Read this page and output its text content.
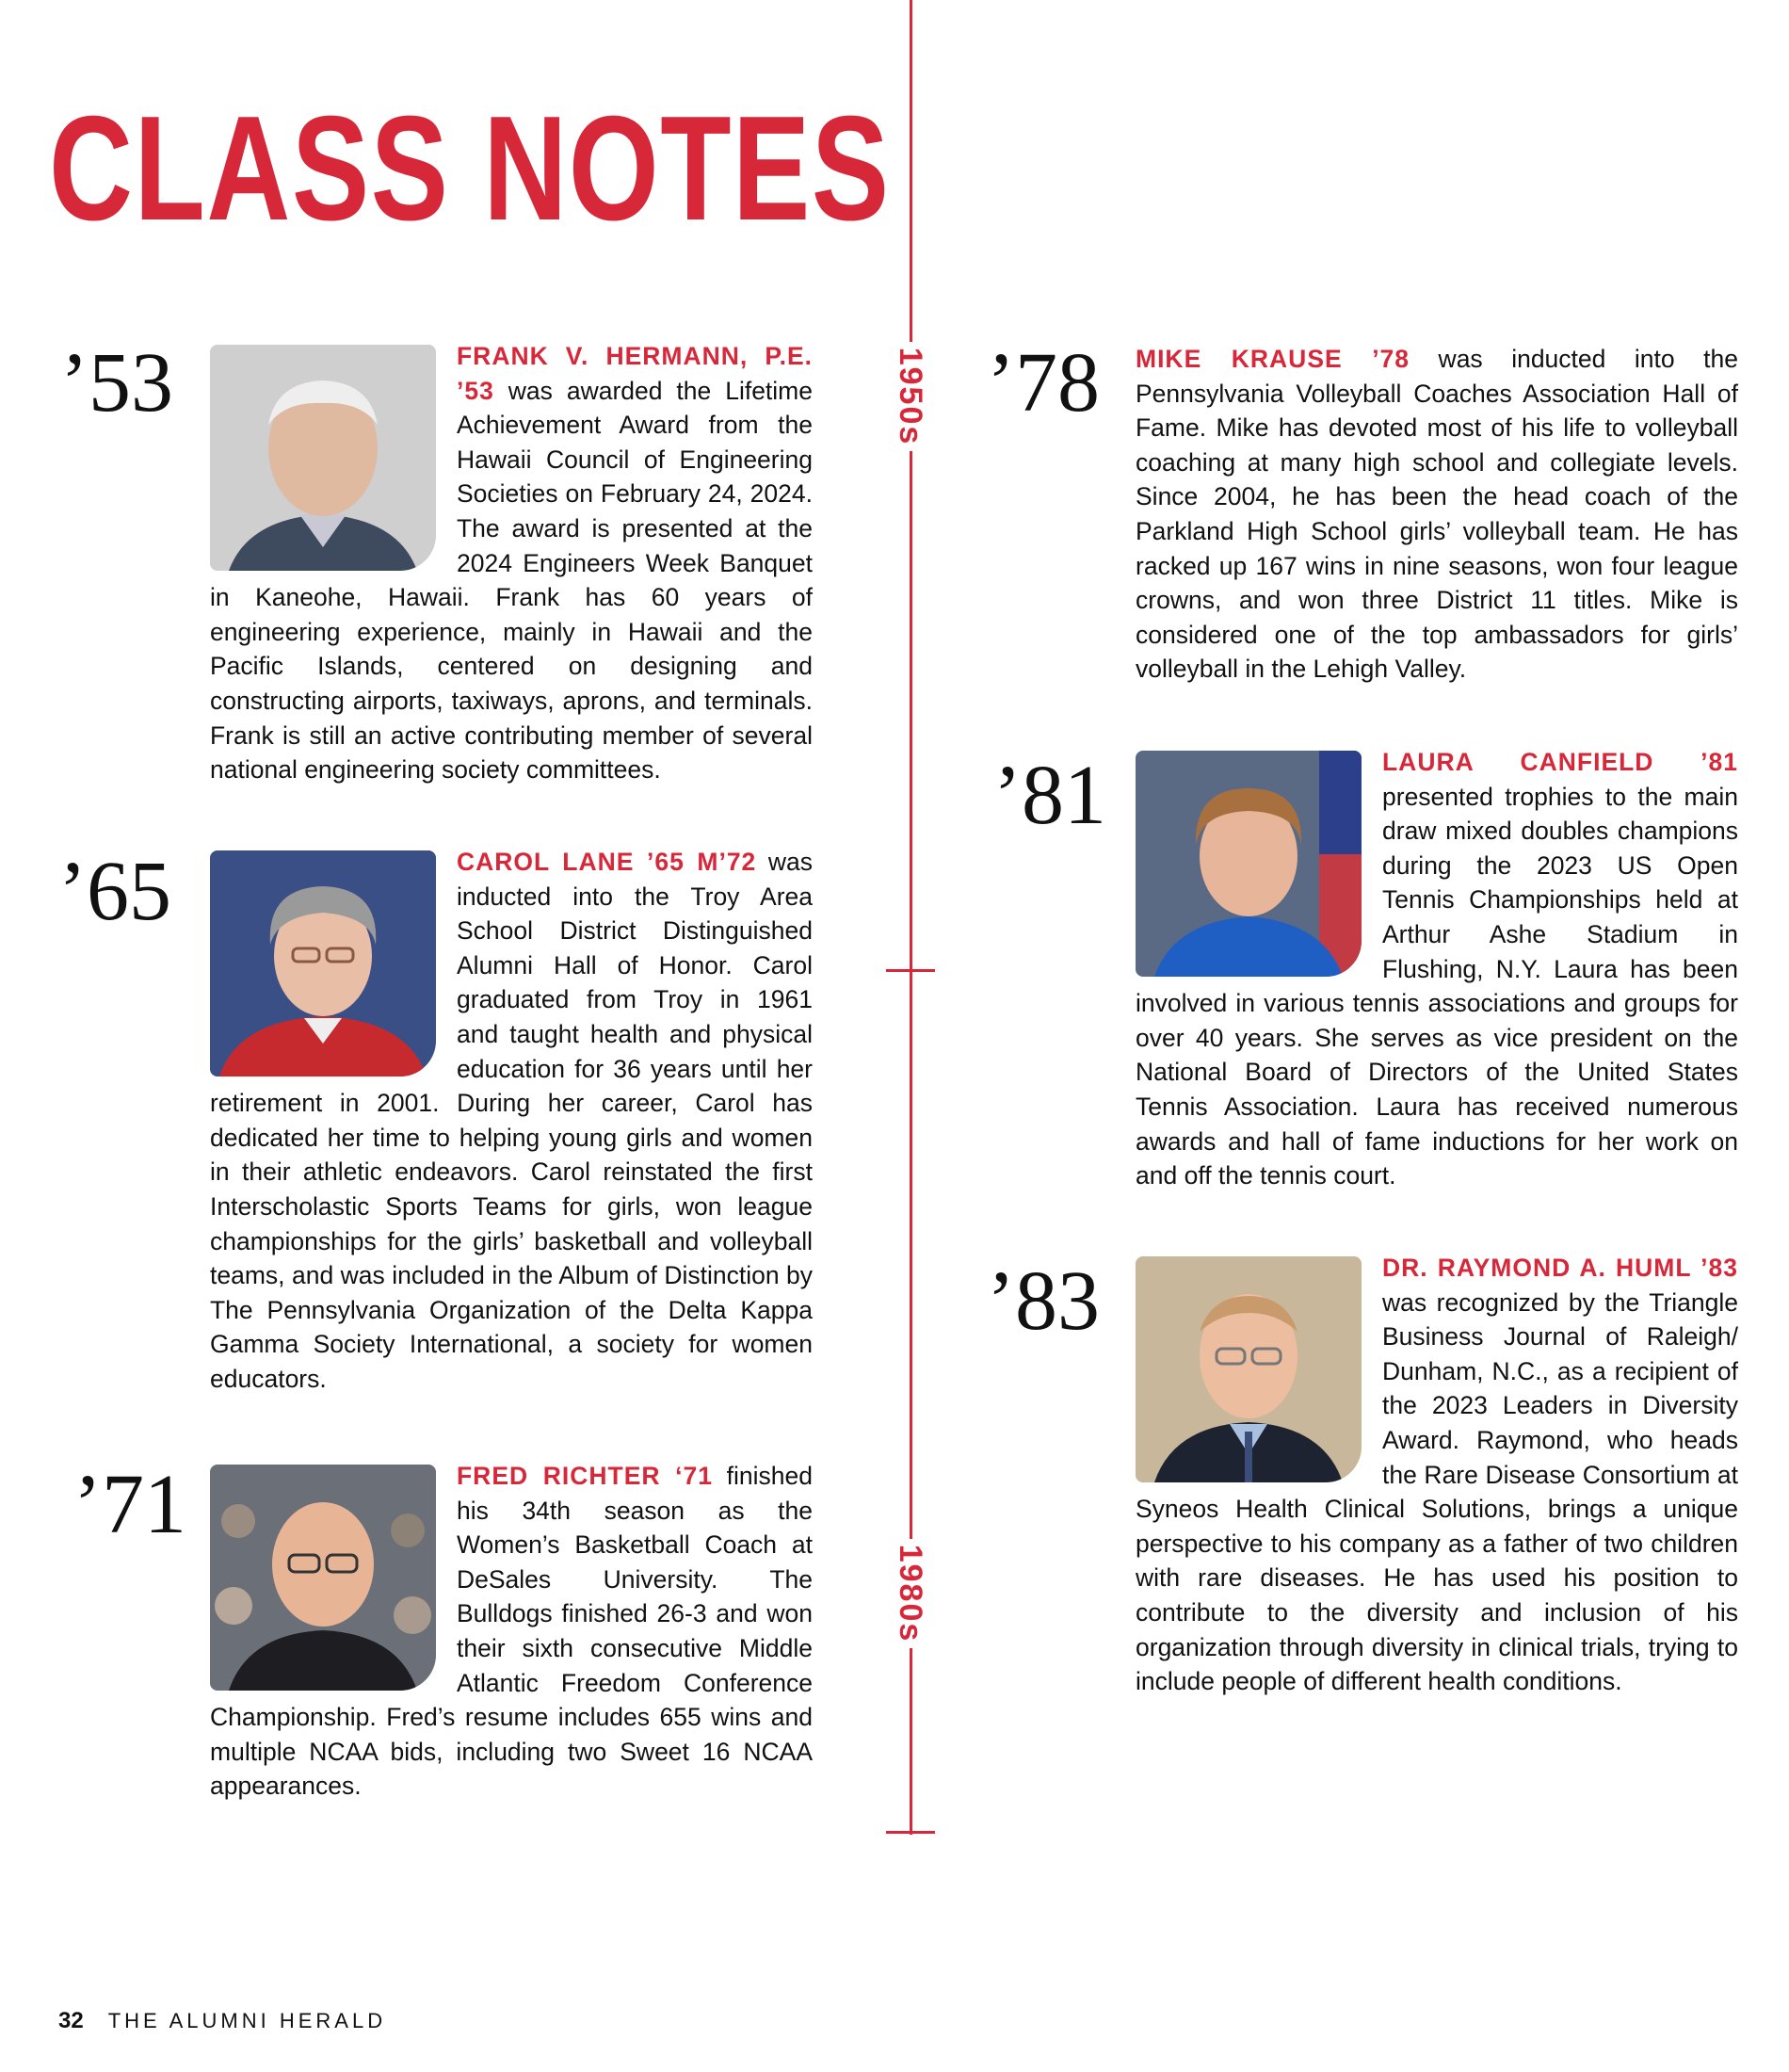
CLASS NOTES
1950s
1980s
’53	FRANK V. HERMANN, P.E. ’53 was awarded the Lifetime Achievement Award from the Hawaii Council of Engineering Societies on February 24, 2024. The award is presented at the 2024 Engineers Week Banquet in Kaneohe, Hawaii. Frank has 60 years of engineering experience, mainly in Hawaii and the Pacific Islands, centered on designing and constructing airports, taxiways, aprons, and terminals. Frank is still an active contributing member of several national engineering society committees.
’65	CAROL LANE ’65 M’72 was inducted into the Troy Area School District Distinguished Alumni Hall of Honor. Carol graduated from Troy in 1961 and taught health and physical education for 36 years until her retirement in 2001. During her career, Carol has dedicated her time to helping young girls and women in their athletic endeavors. Carol reinstated the first Interscholastic Sports Teams for girls, won league championships for the girls’ basketball and volleyball teams, and was included in the Album of Distinction by The Pennsylvania Organization of the Delta Kappa Gamma Society International, a society for women educators.
’71	FRED RICHTER ‘71 finished his 34th season as the Women’s Basketball Coach at DeSales University. The Bulldogs finished 26-3 and won their sixth consecutive Middle Atlantic Freedom Conference Championship. Fred’s resume includes 655 wins and multiple NCAA bids, including two Sweet 16 NCAA appearances.
’78 MIKE KRAUSE ’78 was inducted into the Pennsylvania Volleyball Coaches Association Hall of Fame. Mike has devoted most of his life to volleyball coaching at many high school and collegiate levels. Since 2004, he has been the head coach of the Parkland High School girls’ volleyball team. He has racked up 167 wins in nine seasons, won four league crowns, and won three District 11 titles. Mike is considered one of the top ambassadors for girls’ volleyball in the Lehigh Valley.
’81	LAURA CANFIELD ’81 presented trophies to the main draw mixed doubles champions during the 2023 US Open Tennis Championships held at Arthur Ashe Stadium in Flushing, N.Y. Laura has been involved in various tennis associations and groups for over 40 years. She serves as vice president on the National Board of Directors of the United States Tennis Association. Laura has received numerous awards and hall of fame inductions for her work on and off the tennis court.
’83	DR. RAYMOND A. HUML ’83 was recognized by the Triangle Business Journal of Raleigh/ Dunham, N.C., as a recipient of the 2023 Leaders in Diversity Award. Raymond, who heads the Rare Disease Consortium at Syneos Health Clinical Solutions, brings a unique perspective to his company as a father of two children with rare diseases. He has used his position to contribute to the diversity and inclusion of his organization through diversity in clinical trials, trying to include people of different health conditions.
32 THE ALUMNI HERALD
